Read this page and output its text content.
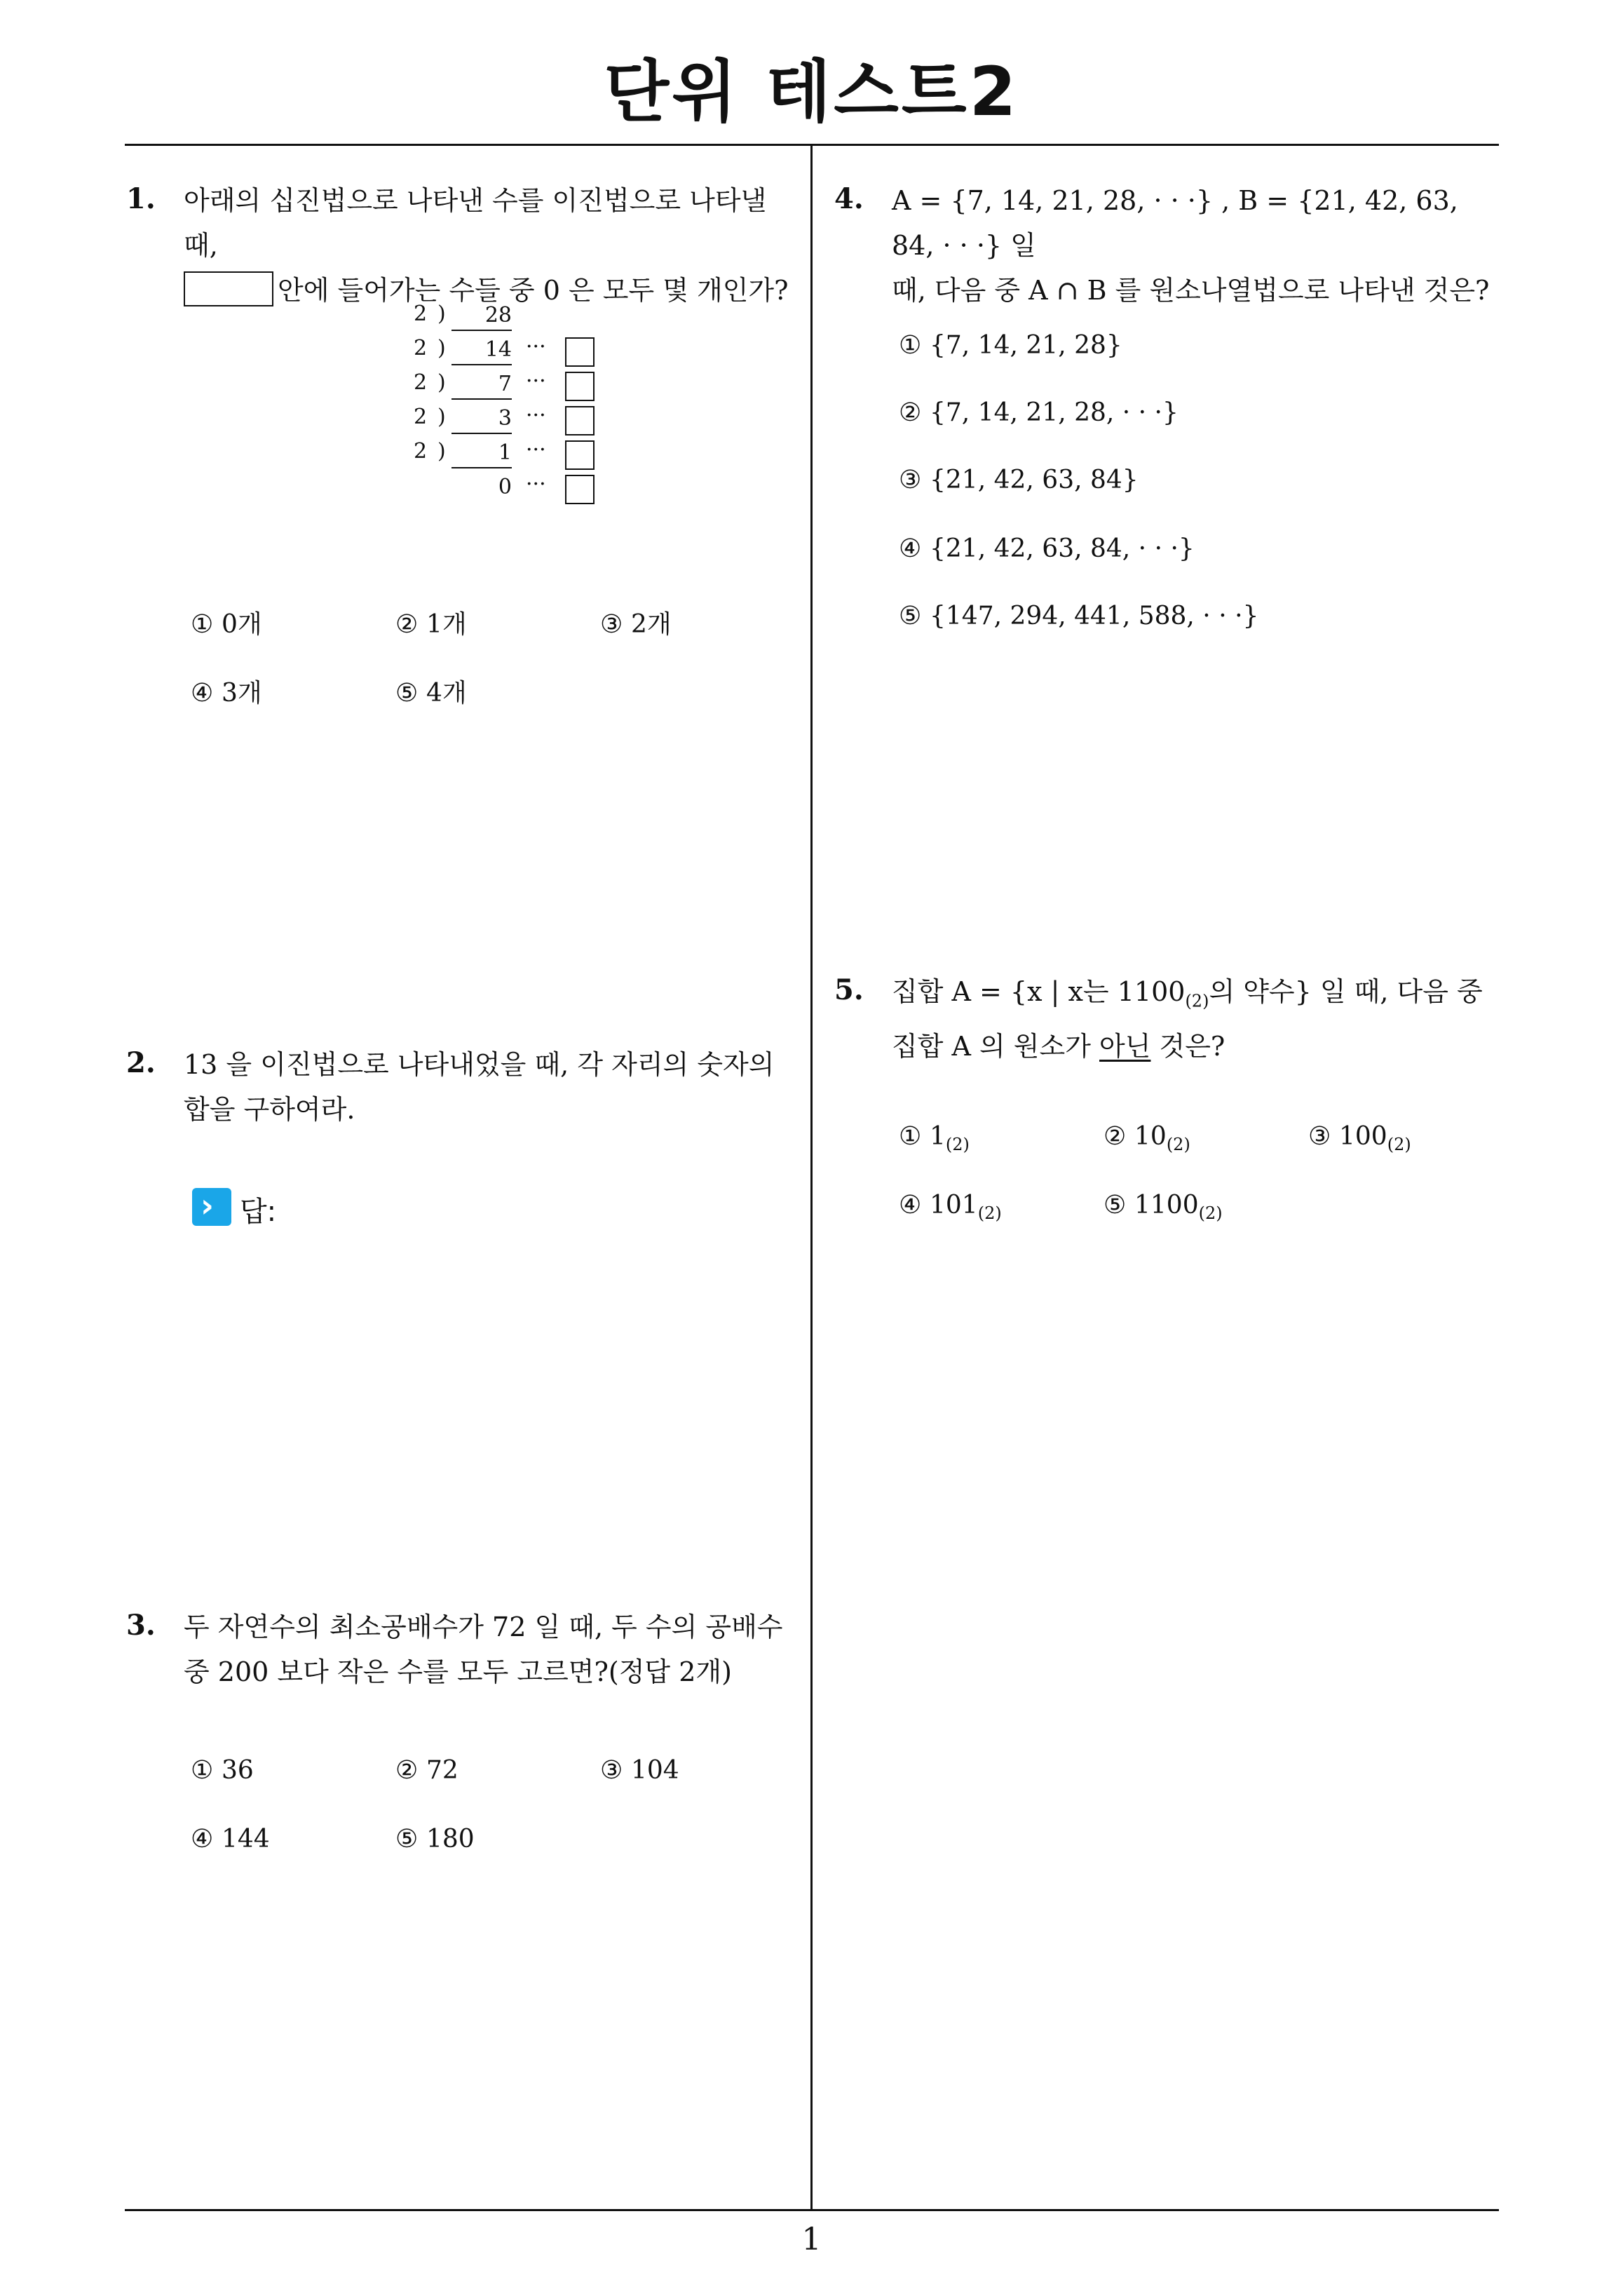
단위 테스트2
1
1. 아래의 십진법으로 나타낸 수를 이진법으로 나타낼 때,
안에 들어가는 수들 중 0 은 모두 몇 개인가?
2 )	28
2 )	14 ···
2 )	7 ···
2 )	3 ···
2 )	1 ···
0 ···
① 0개	② 1개	③ 2개
④ 3개	⑤ 4개
2. 13 을 이진법으로 나타내었을 때, 각 자리의 숫자의
합을 구하여라.
› 답:
3. 두 자연수의 최소공배수가 72 일 때, 두 수의 공배수
중 200 보다 작은 수를 모두 고르면?(정답 2개)
① 36	② 72	③ 104
④ 144	⑤ 180
4. A = {7, 14, 21, 28, · · ·} , B = {21, 42, 63, 84, · · ·} 일
때, 다음 중 A ∩ B 를 원소나열법으로 나타낸 것은?
① {7, 14, 21, 28}
② {7, 14, 21, 28, · · ·}
③ {21, 42, 63, 84}
④ {21, 42, 63, 84, · · ·}
⑤ {147, 294, 441, 588, · · ·}
5. 집합 A = {x | x는 $1100_{(2)}$의 약수} 일 때, 다음 중
집합 A 의 원소가 아닌 것은?
① $1_{(2)}$	② $10_{(2)}$	③ $100_{(2)}$
④ $101_{(2)}$	⑤ $1100_{(2)}$
